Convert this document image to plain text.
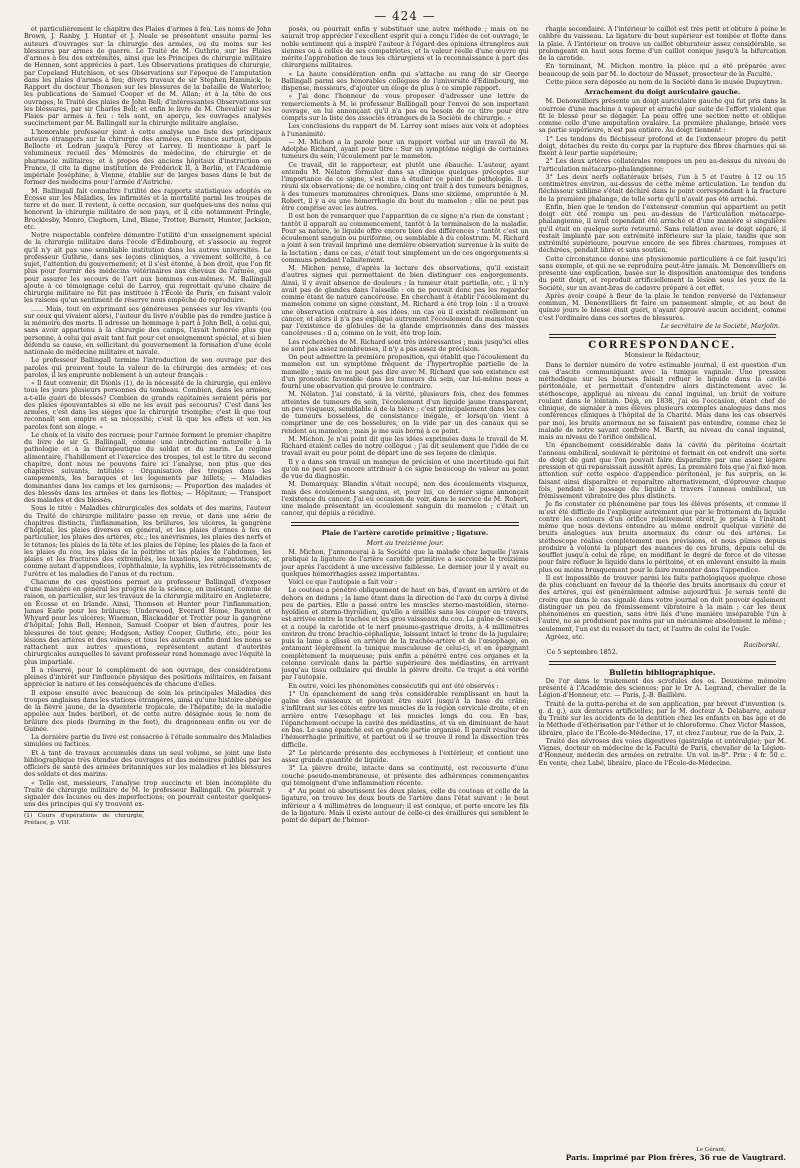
— 424 —

et particulièrement le chapitre des Plaies d'armes à feu. Les noms de John Brown, J. Ranby, J. Hunter et J. Neale se présentent ensuite parmi les auteurs d'ouvrages sur la chirurgie des armées, ou du moins sur les blessures par armes de guerre. Le Traité de M. Guthrie, sur les Plaies d'armes à feu des extrémités, ainsi que les Principes de chirurgie militaire de Hennen, sont appréciés à part. Les Observations pratiques de chirurgie, par Copeland Hutchison, et ses Observations sur l'époque de l'amputation dans les plaies d'armes à feu; divers travaux de sir Stephen Hammick; le Rapport du docteur Thomson sur les blessures de la bataille de Waterloo; les publications de Samuel Cooper et de M. Allan; et à la tête de ces ouvrages, le Traité des plaies de John Bell; d'intéressantes Observations sur les blessures, par sir Charles Bell; et enfin le livre de M. Chevalier sur les Plaies par armes à feu : tels sont, en aperçu, les ouvrages analysés succinctement par M. Ballingall sur la chirurgie militaire anglaise.

L'honorable professeur joint à cette analyse une liste des principaux auteurs étrangers sur la chirurgie des armées, en France surtout, depuis Bellocte et Ledran jusqu'à Percy et Larrey. Il mentionne à part le volumineux recueil des Mémoires de médecine, de chirurgie et de pharmacie militaires; et à propos des anciens hôpitaux d'instruction en France, il cite la digne institution de Frédérick II, à Berlin, et l'Académie impériale Joséphine, à Vienne, établie sur de larges bases dans le but de former des médecins pour l'armée d'Autriche.

M. Ballingall fait connaître l'utilité des rapports statistiques adoptés en Écosse sur les Maladies, les infirmités et la mortalité parmi les troupes de terre et de mer. Il revient, à cette occasion, sur quelques-uns des noms qui honorent la chirurgie militaire de son pays, et il cite notamment Pringle, Brocklesby, Monro, Cleghorn, Lind, Blane, Trotter, Burnett, Hunter, Jackson, etc.

Notre respectable confrère démontre l'utilité d'un enseignement spécial de la chirurgie militaire dans l'école d'Édimbourg, et s'associe au regret qu'il n'y ait pas une semblable institution dans les autres universités. Le professeur Guthrie, dans ses leçons cliniques, a vivement sollicité, à ce sujet, l'attention du gouvernement; et il s'est étonné, à bon droit, que l'on fit plus pour fournir des médecins vétérinaires aux chevaux de l'armée, que pour assurer les secours de l'art aux hommes eux-mêmes. M. Ballingall ajoute à ce témoignage celui de Larrey, qui regrettait qu'une chaire de chirurgie militaire ne fût pas instituée à l'École de Paris, en faisant valoir les raisons qu'un sentiment de réserve nous empêche de reproduire.

...... Mais, tout en exprimant ses généreuses pensées sur les vivants (ou sur ceux qui vivaient alors), l'auteur du livre n'oublie pas de rendre justice à la mémoire des morts. Il adresse un hommage à part à John Bell, à celui qui, sans avoir appartenu à la chirurgie des camps, l'avait honorée plus que personne, à celui qui avait tant fait pour cet enseignement spécial, et si bien défendu sa cause, en sollicitant du gouvernement la formation d'une école nationale de médecine militaire et navale.

Le professeur Ballingall termine l'introduction de son ouvrage par des paroles qui prouvent toute la valeur de la chirurgie des armées; et ces paroles, il les emprunte noblement à un auteur français :

« Il faut convenir, dit Dionis (1), de la nécessité de la chirurgie, qui enlève tous les jours plusieurs personnes du tombeau. Combien, dans les armées, a-t-elle guéri de blessés? Combien de grands capitaines seraient péris par des plaies épouvantables si elle ne les avait pas secourus? C'est dans les armées, c'est dans les sièges que la chirurgie triomphe; c'est là que tout reconnaît son empire et sa nécessité; c'est là que les effets et son les paroles font son éloge. »

Le choix et la visite des recrues; pour l'armée forment le premier chapitre du livre de sir G. Ballingall, comme une introduction naturelle à la pathologie et à la thérapeutique du soldat et du marin. Le régime alimentaire, l'habillement et l'exercice des troupes, tel est le titre du second chapitre, dont nous ne pouvons faire ici l'analyse, non plus que des chapitres suivants, intitulés : Organisation des troupes dans les campements, les baraques et les logements par billets; — Maladies dominantes dans les camps et les garnisons; — Proportion des malades et des blessés dans les armées et dans les flottes; — Hôpitaux; — Transport des malades et des blessés.

Sous le titre : Maladies chirurgicales des soldats et des marins, l'auteur du Traité de chirurgie militaire passe en revue, et dans une série de chapitres distincts, l'inflammation, les brûlures, les ulcères, la gangrène d'hôpital, les plaies diverses en général, et les plaies d'armes à feu en particulier, les plaies des artères, etc.; les anévrismes, les plaies des nerfs et le tétanos; les plaies de la tête et les plaies de l'épine; les plaies de la face et les plaies du cou, les plaies de la poitrine et les plaies de l'abdomen, les plaies et les fractures des extrémités, les luxations, les amputations; et, comme autant d'appendices, l'ophthalmie, la syphilis, les rétrécissements de l'urètre et les maladies de l'anus et du rectum.

Chacune de ces questions permet au professeur Ballingall d'exposer d'une manière en général les progrès de la science, en insistant, comme de raison, en particulier, sur les travaux de la chirurgie militaire en Angleterre, en Écosse et en Irlande. Ainsi, Thomson et Hunter pour l'inflammation, James Earle pour les brûlures; Underwood, Everard Home, Baynton et Whyard pour les ulcères; Wiseman, Blackadder et Trotter pour la gangrène d'hôpital; John Bell, Hennen, Samuel Cooper et bien d'autres, pour les blessures de tout genre; Hodgson, Astley Cooper, Guthrie, etc., pour les lésions des artères et des veines; et tous les auteurs enfin dont les noms se rattachent aux autres questions, représentent autant d'autorités chirurgicales auxquelles le savant professeur rend hommage avec l'équité la plus impartiale.

Il a réservé, pour le complément de son ouvrage, des considérations pleines d'intérêt sur l'influence physique des positions militaires, en faisant apprécier la nature et les conséquences de chacune d'elles.

Il expose ensuite avec beaucoup de soin les principales Maladies des troupes anglaises dans les stations étrangères, ainsi qu'une histoire abrégée de la fièvre jaune, de la dysenterie tropicale, de l'hépatite; de la maladie appelée aux Indes beriberi, et de cette autre désignée sous le nom de brûlure des pieds (burning in the feet), du dragonneau enfin ou ver de Guinée.

La dernière partie du livre est consacrée à l'étude sommaire des Maladies simulées ou factices.

Et à tant de travaux accumulés dans un seul volume, se joint une liste bibliographique très étendue des ouvrages et des mémoires publiés par les officiers de santé des armées britanniques sur les maladies et les blessures des soldats et des marins.

« Telle est, messieurs, l'analyse trop succincte et bien incomplète du Traité de chirurgie militaire de M. le professeur Ballingall. On pourrait y signaler des lacunes ou des imperfections; on pourrait contester quelques-uns des principes qui s'y trouvent ex-

(1) Cours d'opérations de chirurgie, Préface, p. VIII.

posés, ou pourrait enfin y substituer une autre méthode ; mais on ne saurait trop apprécier l'excellent esprit qui a conçu l'idée de cet ouvrage, le noble sentiment qui a inspiré l'auteur à l'égard des opinions étrangères aux siennes ou à celles de ses compatriotes, et la valeur réelle d'une œuvre qui mérite l'approbation de tous les chirurgiens et la reconnaissance à part des chirurgiens militaires.

« La haute considération enfin qui s'attache au rang de sir George Ballingall parmi ses honorables collègues de l'université d'Édimbourg, me dispense, messieurs, d'ajouter un éloge de plus à ce simple rapport.

» J'ai donc l'honneur de vous proposer d'adresser une lettre de remerciements à M. le professeur Ballingall pour l'envoi de son important ouvrage, en lui annonçant qu'il n'a pas eu besoin de ce titre pour être compris sur la liste des associés étrangers de la Société de chirurgie. »

Les conclusions du rapport de M. Larrey sont mises aux voix et adoptées à l'unanimité.

— M. Michon a la parole pour un rapport verbal sur un travail de M. Adolphe Richard, ayant pour titre : Sur un symptôme négligé de certaines tumeurs du sein, l'écoulement par le mamelon.

Ce travail, dit le rapporteur, est plutôt une ébauche. L'auteur, ayant entendu M. Nélaton formuler dans sa clinique quelques préceptes sur l'importance de ce signe, s'est mis à étudier ce point de pathologie. Il a réuni six observations; de ce nombre, cinq ont trait à des tumeurs bénignes, à des tumeurs mammaires chroniques. Dans une sixième, empruntée à M. Robert, il y a eu une hémorrhagie du bout du mamelon ; elle ne peut pas être comprise avec les autres.

Il est bon de remarquer que l'apparition de ce signe n'a rien de constant ; tantôt il apparaît au commencement, tantôt à la terminaison de la maladie. Pour sa nature, le liquide offre encore bien des différences ; tantôt c'est un écoulement sanguin ou puriforme, ou semblable à du colostrum. M. Richard a joint à son travail imprimé une dernière observation survenue à la suite de la lactation ; dans ce cas, c'était tout simplement un de ces engorgements si communs pendant l'allaitement.

M. Michon pense, d'après la lecture des observations, qu'il existait d'autres signes qui permettaient de bien distinguer ces engorgements. Ainsi, il y avait absence de douleurs ; la tumeur était partielle, etc. ; il n'y avait pas de glandes dans l'aisselle : on ne pouvait donc pas les regarder comme étant de nature cancéreuse. En cherchant à établir l'écoulement du mamelon comme un signe constant, M. Richard a été trop loin : il a trouvé une observation contraire à ses idées, un cas où il existait réellement un cancer, et alors il n'a pas expliqué autrement l'écoulement du mamelon que par l'existence de globules de la glande emprisonnés dans des masses cancéreuses : il a, comme on le voit, été trop loin.

Les recherches de M. Richard sont très intéressantes ; mais jusqu'ici elles ne sont pas assez nombreuses, il n'y a pas assez de précision.

On peut admettre la première proposition, qui établit que l'écoulement du mamelon est un symptôme fréquent de l'hypertrophie partielle de la mamelle ; mais on ne peut pas dire avec M. Richard que son existence est d'un pronostic favorable dans les tumeurs du sein, car lui-même nous a fourni une observation qui prouve le contraire.

M. Nélaton. J'ai constaté, à la vérité, plusieurs fois, chez des femmes atteintes de tumeurs du sein, l'écoulement d'un liquide jaune transparent, un peu visqueux, semblable à de la bière ; c'est principalement dans les cas de tumeurs bosselées, de consistance inégale, et lorsqu'on vient à comprimer une de ces bosselures, on la vide par un des canaux qui se rendent au mamelon ; mais je me suis borné à ce point.

M. Michon. Je n'ai point dit que les idées exprimées dans le travail de M. Richard étaient celles de notre collègue ; j'ai dit seulement que l'idée de ce travail avait eu pour point de départ une de ses leçons de clinique.

Il y a dans son travail un manque de précision et une incertitude qui fait qu'on ne peut pas encore attribuer à ce signe beaucoup de valeur au point de vue du diagnostic.

M. Demarquay. Blandin s'était occupé, non des écoulements visqueux, mais des écoulements sanguins, et, pour lui, ce dernier signe annonçait l'existence du cancer. J'ai eu occasion de voir, dans le service de M. Robert, une malade présentant un écoulement sanguin du mamelon ; c'était un cancer, qui depuis a récidivé.

Plaie de l'artère carotide primitive ; ligature.
Mort au treizième jour.

M. Michon. J'annoncerai à la Société que la malade chez laquelle j'avais pratiqué la ligature de l'artère carotide primitive a succombé le treizième jour après l'accident à une excessive faiblesse. Le dernier jour il y avait eu quelques hémorrhagies assez importantes.

Voici ce que l'autopsie a fait voir :

Le couteau a pénétré obliquement de haut en bas, d'avant en arrière et de dehors en dedans ; la lame étant dans la direction de l'axe du corps à divisé peu de parties. Elle a passé entre les muscles sterno-mastoïdien, sterno-hyoïdien et sterno-thyroïdien, qu'elle a éraillés sans les couper en travers, est arrivée entre la trachée et les gros vaisseaux du cou. La gaîne de ceux-ci et a coupé la carotide et le nerf pneumo-gastrique droits, à 4 millimètres environ du tronc brachio-céphalique, laissant intact le tronc de la jugulaire; puis la lame a glissé en arrière de la trachée-artère et de l'œsophage, en entamant légèrement la tunique musculeuse de celui-ci, et en épargnant complètement la muqueuse; puis enfin a pénétré entre ces organes et la colonne cervicale dans la partie supérieure des médiastins, en arrivant jusqu'au tissu cellulaire qui double la plèvre droite. Ce trajet a été vérifié par l'autopsie.

En outre, voici les phénomènes consécutifs qui ont été observés :

1° Un épanchement de sang très considérable remplissant en haut la gaîne des vaisseaux et pouvant être suivi jusqu'à la base du crâne; s'infiltrant sur les côtés entre les muscles de la région cervicale droite, et en arrière entre l'œsophage et les muscles longs du cou. En bas, l'épanchement occupe la cavité des médiastins, et va en diminuant de haut en bas. Le sang épanché est en grande partie organisé. Il paraît résulter de l'hémorrhagie primitive, et partout où il se trouve il rend la dissection très difficile.

2° Le péricarde présente des ecchymoses à l'extérieur, et contient une assez grande quantité de liquide.

3° La plèvre droite, intacte dans sa continuité, est recouverte d'une couche pseudo-membraneuse, et présente des adhérences commençantes qui témoignent d'une inflammation récente.

4° Au point où aboutissent les deux plaies, celle du couteau et celle de la ligature, on trouve les deux bouts de l'artère dans l'état suivant : le bout inférieur a 4 millimètres de longueur; il est conique, et porte encore les fils de la ligature. Mais il existe autour de celle-ci des éraillures qui semblent le point de départ de l'hémor-

rhagie secondaire. À l'intérieur le caillot est très petit et obture à peine le calibre du vaisseau. La ligature du bout supérieur est tombée et flotte dans la plaie. À l'intérieur on trouve un caillot obturateur assez considérable, se prolongeant en haut sous forme d'un caillot conique jusqu'à la bifurcation de la carotide.

En terminant, M. Michon montre la pièce qui a été préparée avec beaucoup de soin par M. le docteur de Musset, prosecteur de la Faculté.

Cette pièce sera déposée au nom de la Société dans le musée Dupuytren.

Arrachement du doigt auriculaire gauche.

M. Denonvilliers présente un doigt auriculaire gauche qui fut pris dans la courroie d'une machine à vapeur et arraché par suite de l'effort violent que fit le blessé pour se dégager. La peau offre une section nette et oblique comme celle d'une amputation ovalaire. La première phalange, brisée vers sa partie supérieure, n'est pas entière. Au doigt tiennent :

1° Les tendons du fléchisseur profond et de l'extenseur propre du petit doigt, détachés du reste du corps par la rupture des fibres charnues qui se fixent à leur partie supérieure;

2° Les deux artères collatérales rompues un peu au-dessus du niveau de l'articulation métacarpo-phalangienne;

3° Les deux nerfs collatéraux brisés, l'un à 5 et l'autre à 12 ou 15 centimètres environ, au-dessus de cette même articulation. Le tendon du fléchisseur sublime s'était déchiré dans le point correspondant à la fracture de la première phalange, de telle sorte qu'il n'avait pas été arraché.

Enfin, bien que le tendon de l'extenseur commun qui appartient au petit doigt eût été rompu un peu au-dessus de l'articulation métacarpo-phalangienne, il avait cependant été arraché et d'une manière si singulière qu'il était en quelque sorte retourné. Sans relation avec le doigt séparé, il restait implanté par son extrémité inférieure sur la plaie, tandis que son extrémité supérieure, pourvue encore de ses fibres charnues, rompues et déchirées, pendait libre et sans soutien.

Cette circonstance donne une physionomie particulière à ce fait jusqu'ici sans exemple, et qui ne se reproduira peut-être jamais. M. Denonvilliers en présente une explication, basée sur la disposition anatomique des tendons du petit doigt, et reproduit artificiellement la lésion sous les yeux de la Société, sur un avant-bras de cadavre préparé à cet effet.

Après avoir coupé à fleur de la plaie le tendon renversé de l'extenseur commun, M. Denonvilliers fit faire un pansement simple, et au bout de quinze jours le blessé était guéri, n'ayant éprouvé aucun accident, comme c'est l'ordinaire dans ces sortes de blessures.

Le secrétaire de la Société, Marjolin.
CORRESPONDANCE.

Monsieur le Rédacteur,

Dans le dernier numéro de votre estimable journal, il est question d'un cas d'ascite communiquant avec la tunique vaginale. Une pression méthodique sur les bourses faisait refluer le liquide dans la cavité péritonéale, et permettait d'entendre alors distinctement avec le stéthoscope, appliqué au niveau du canal inguinal, un bruit de voiture roulant dans le lointain. Déjà, en 1838, j'ai eu l'occasion, étant chef de clinique, de signaler à mes élèves plusieurs exemples analogues dans mes conférences cliniques à l'hôpital de la Charité. Mais dans les cas observés par moi, les bruits anormaux ne se faisaient pas entendre, comme chez le malade de notre savant confrère M. Barth, au niveau du canal inguinal, mais au niveau de l'orifice ombilical.

Un épanchement considérable dans la cavité du péritoine écartait l'anneau ombilical, soulevait le péritoine et formait en cet endroit une sorte de doigt de gant que l'on pouvait faire disparaître par une assez légère pression et qui reparaissait aussitôt après. La première fois que j'ai fixé mon attention sur cette espèce d'appendice péritonéal, je fus surpris, en le faisant ainsi disparaître et reparaître alternativement, d'éprouver chaque fois, pendant le passage du liquide à travers l'anneau ombilical, un frémissement vibratoire des plus distincts.

Je fis constater ce phénomène par tous les élèves présents, et comme il m'est été difficile de l'expliquer autrement que par le frottement du liquide contre les contours d'un orifice relativement étroit, je priais à l'instant même que nous devions entendre au même endroit quelque variété de bruits analogues aux bruits anormaux du cœur ou des artères. Le stéthoscope réalisa complètement mes prévisions, et nous pûmes depuis produire à volonté la plupart des nuances de ces bruits, depuis celui de soufflet jusqu'à celui de râpe, en modifiant le degré de force et de vitesse pour faire refluer le liquide dans le péritoine, et en enlevant ensuite la main plus ou moins brusquement pour le faire remonter dans l'appendice.

Il est impossible de trouver parmi les faits pathologiques quelque chose de plus concluant en faveur de la théorie des bruits anormaux du cœur et des artères, qui est généralement admise aujourd'hui. Je serais tenté de croire que dans le cas signalé dans votre journal on doit pouvoir également distinguer un peu de frémissement vibratoire à la main ; car les deux phénomènes en question, sans être liés d'une manière inséparable l'un à l'autre, ne se produisent pas moins par un mécanisme absolument le même ; seulement, l'un est du ressort du tact, et l'autre de celui de l'ouïe.

Agréez, etc.

Raciborski.
Ce 5 septembre 1852.
Bulletin bibliographique.

De l'or dans le traitement des scrofules des os. Deuxième mémoire présenté à l'Académie des sciences; par le Dr A. Legrand, chevalier de la Légion-d'Honneur, etc. — Paris, J.-B. Baillière.

Traité de la gutta-percha et de son application, par brevet d'invention (s. g. d. g.), aux dentures artificielles; par le M. docteur A. Delabarre, auteur du Traité sur les accidents de la dentition chez les enfants en bas âge et de la Méthode d'éthérisation par l'éther et le chloroforme. Chez Victor Masson, libraire, place de l'École-de-Médecine, 17, et chez l'auteur, rue de la Paix, 2.

Traité des névroses des voies digestives (gastralgie et entéralgie); par M. Vignes, docteur en médecine de la Faculté de Paris, chevalier de la Légion-d'Honneur, médecin des armées en retraite. Un vol. in-8°. Prix : 4 fr. 50 c. En vente, chez Labé, libraire, place de l'École-de-Médecine.

Le Gérant,
Paris. Imprimé par Plon frères, 36 rue de Vaugirard.
